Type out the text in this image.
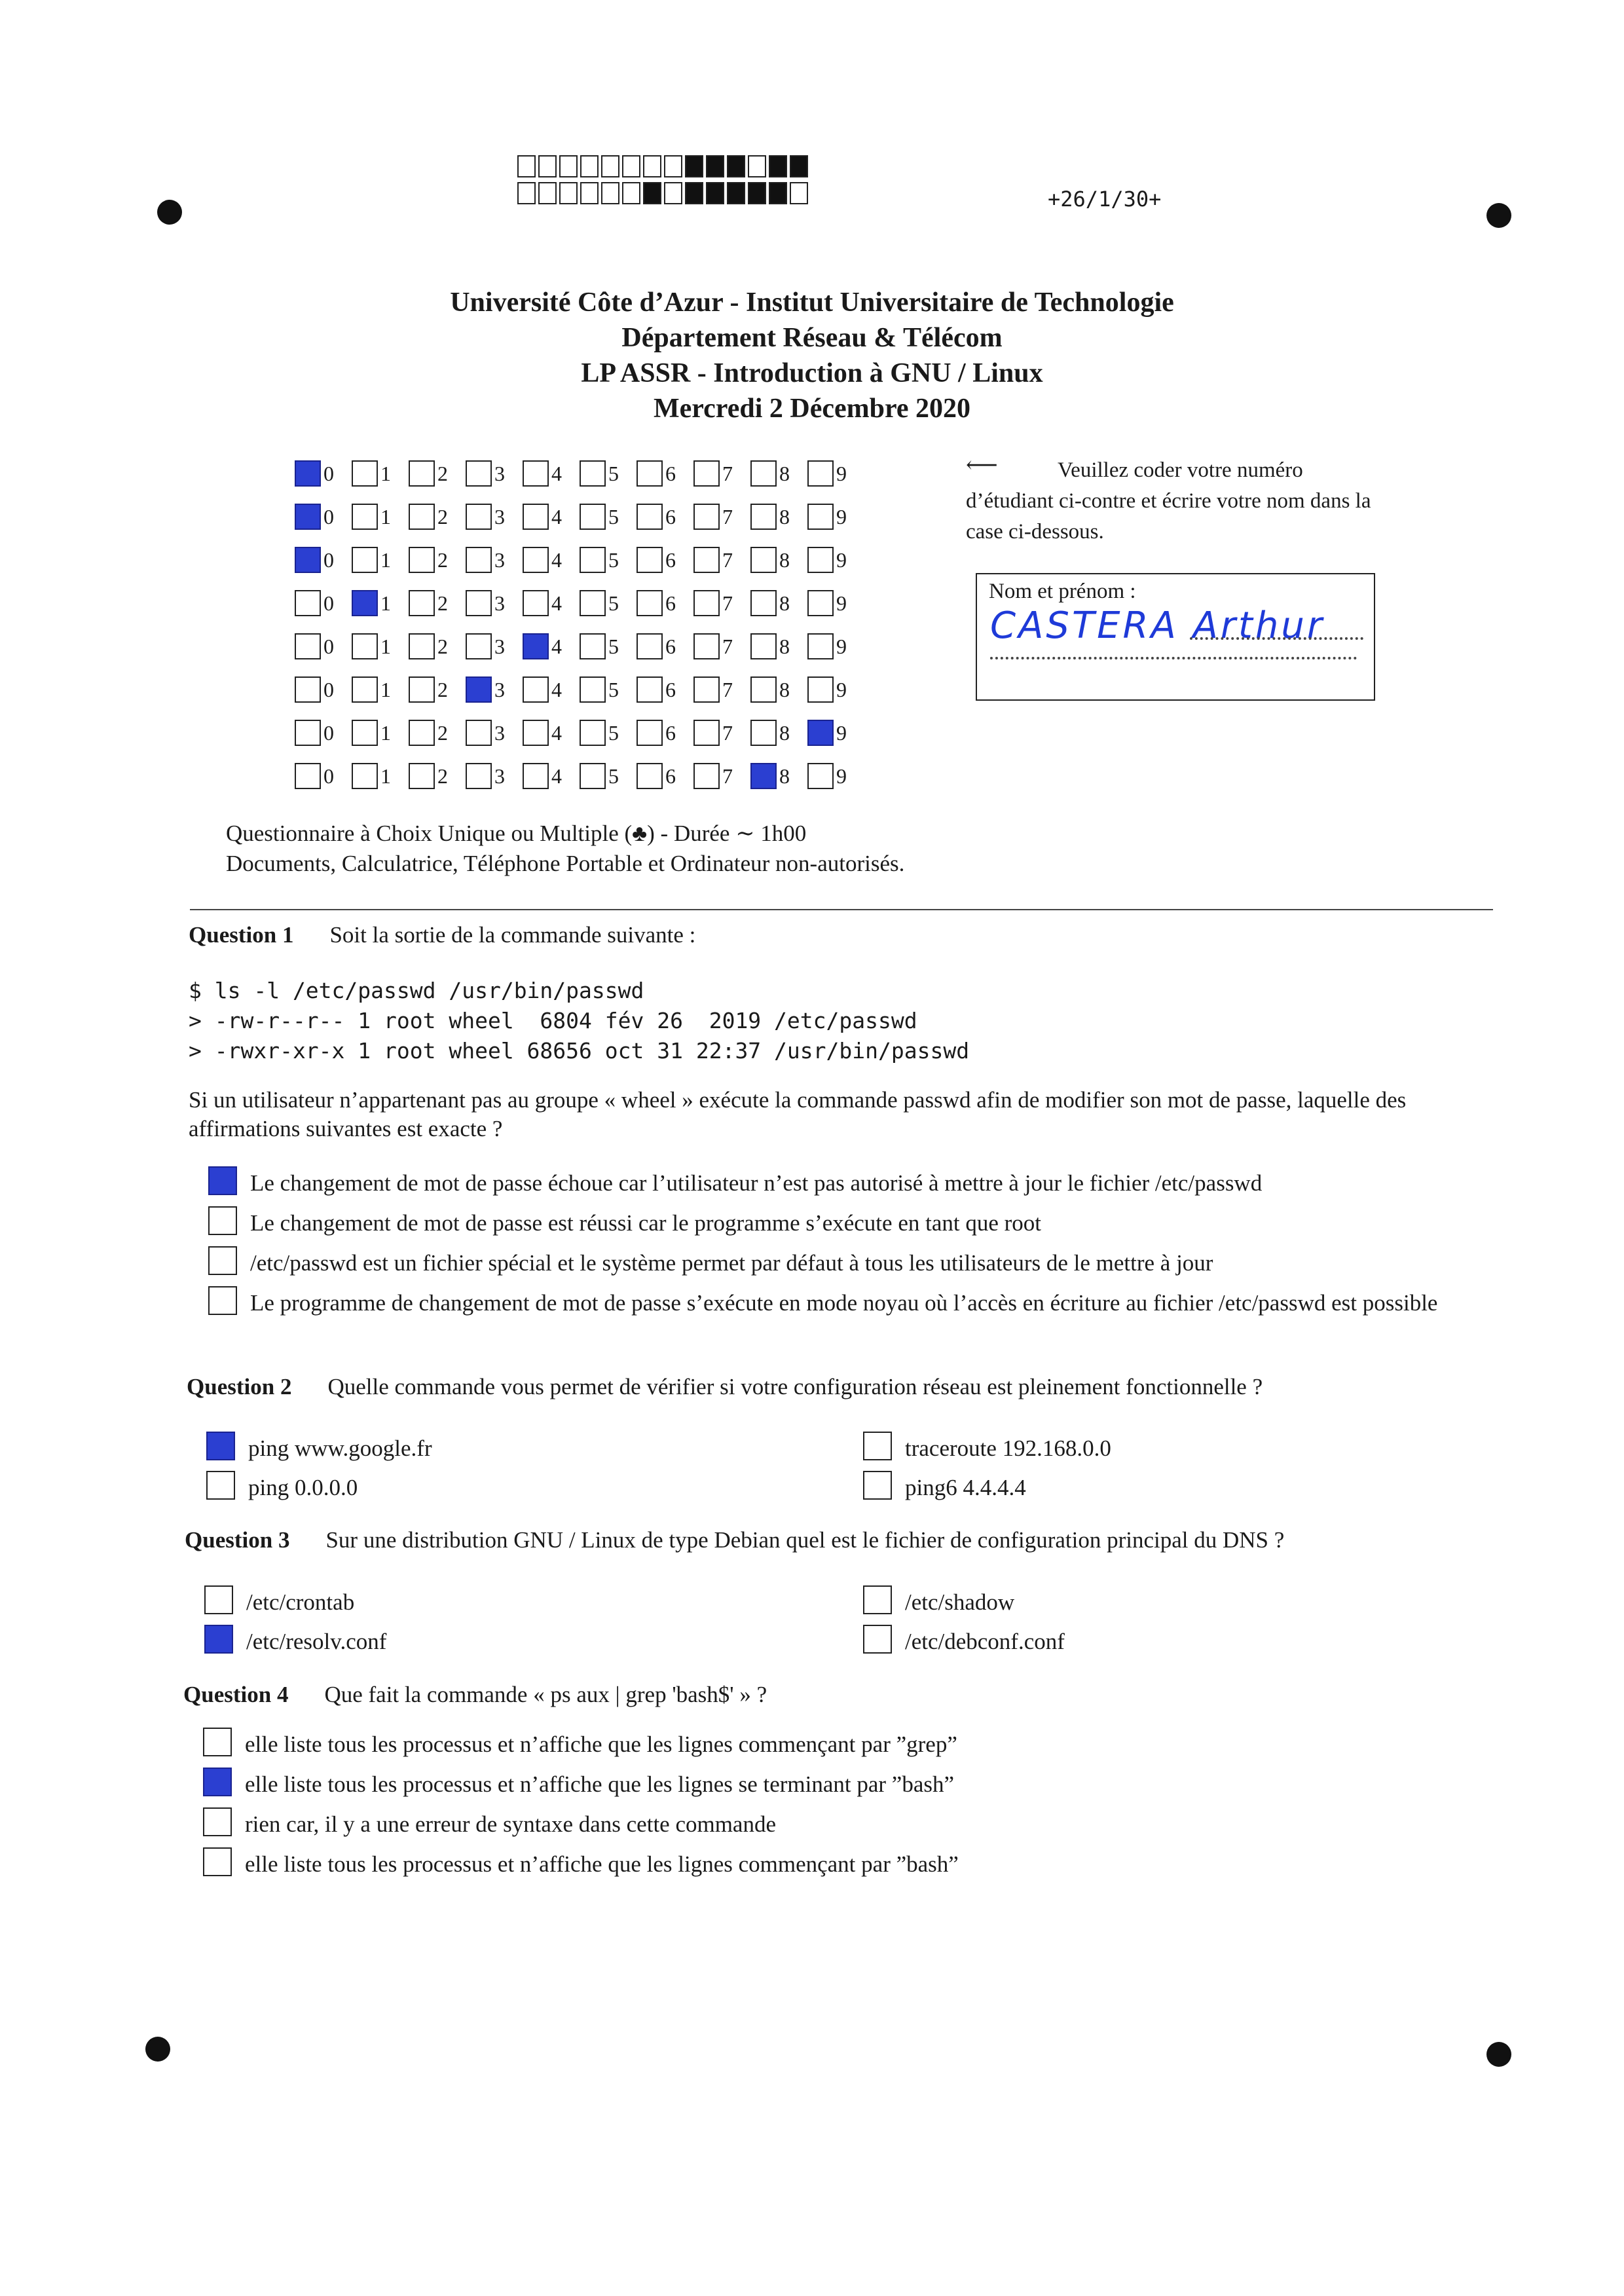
+26/1/30+
Université Côte d’Azur - Institut Universitaire de Technologie
Département Réseau & Télécom
LP ASSR - Introduction à GNU / Linux
Mercredi 2 Décembre 2020
0 1 2 3 4 5 6 7 8 9
0 1 2 3 4 5 6 7 8 9
0 1 2 3 4 5 6 7 8 9
0 1 2 3 4 5 6 7 8 9
0 1 2 3 4 5 6 7 8 9
0 1 2 3 4 5 6 7 8 9
0 1 2 3 4 5 6 7 8 9
0 1 2 3 4 5 6 7 8 9
⟵	Veuillez coder votre numéro d’étudiant ci-contre et écrire votre nom dans la case ci-dessous.
Nom et prénom :
CASTERA Arthur
Questionnaire à Choix Unique ou Multiple (♣) - Durée ∼ 1h00
Documents, Calculatrice, Téléphone Portable et Ordinateur non-autorisés.
Question 1 Soit la sortie de la commande suivante :
$ ls -l /etc/passwd /usr/bin/passwd
> -rw-r--r-- 1 root wheel  6804 fév 26  2019 /etc/passwd
> -rwxr-xr-x 1 root wheel 68656 oct 31 22:37 /usr/bin/passwd
Si un utilisateur n’appartenant pas au groupe « wheel » exécute la commande passwd afin de modifier son mot de passe, laquelle des affirmations suivantes est exacte ?
Le changement de mot de passe échoue car l’utilisateur n’est pas autorisé à mettre à jour le fichier /etc/passwd
Le changement de mot de passe est réussi car le programme s’exécute en tant que root
/etc/passwd est un fichier spécial et le système permet par défaut à tous les utilisateurs de le mettre à jour
Le programme de changement de mot de passe s’exécute en mode noyau où l’accès en écriture au fichier /etc/passwd est possible
Question 2 Quelle commande vous permet de vérifier si votre configuration réseau est pleinement fonctionnelle ?
ping www.google.fr	traceroute 192.168.0.0
ping 0.0.0.0	ping6 4.4.4.4
Question 3 Sur une distribution GNU / Linux de type Debian quel est le fichier de configuration principal du DNS ?
/etc/crontab	/etc/shadow
/etc/resolv.conf	/etc/debconf.conf
Question 4 Que fait la commande « ps aux | grep 'bash$' » ?
elle liste tous les processus et n’affiche que les lignes commençant par ”grep”
elle liste tous les processus et n’affiche que les lignes se terminant par ”bash”
rien car, il y a une erreur de syntaxe dans cette commande
elle liste tous les processus et n’affiche que les lignes commençant par ”bash”
